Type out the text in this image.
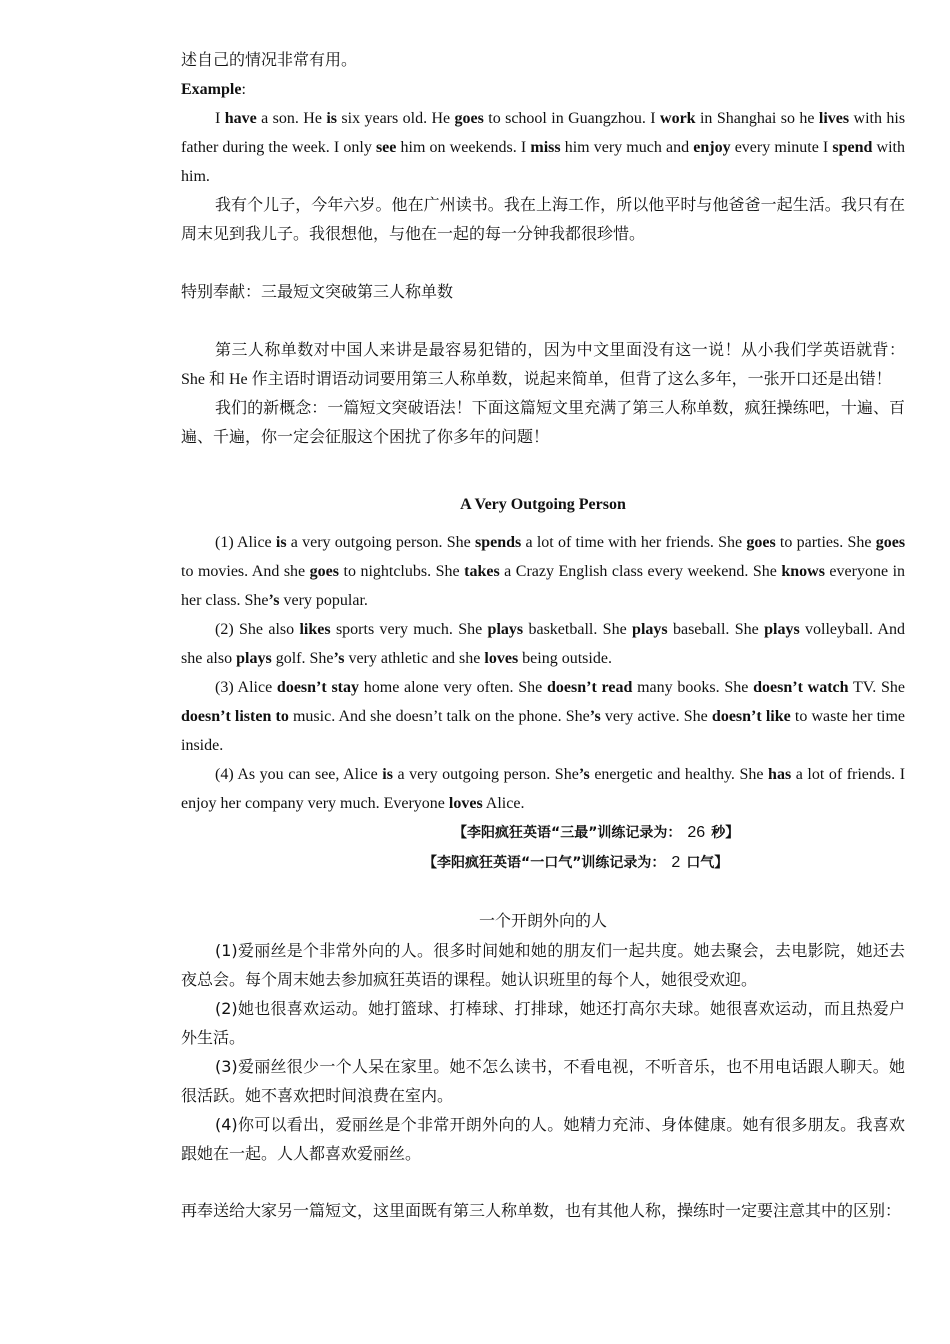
述自己的情况非常有用。

Example:

I have a son. He is six years old. He goes to school in Guangzhou. I work in Shanghai so he lives with his father during the week. I only see him on weekends. I miss him very much and enjoy every minute I spend with him.

我有个儿子，今年六岁。他在广州读书。我在上海工作，所以他平时与他爸爸一起生活。我只有在周末见到我儿子。我很想他，与他在一起的每一分钟我都很珍惜。

特别奉献：三最短文突破第三人称单数

第三人称单数对中国人来讲是最容易犯错的，因为中文里面没有这一说！从小我们学英语就背：She 和 He 作主语时谓语动词要用第三人称单数，说起来简单，但背了这么多年，一张开口还是出错！

我们的新概念：一篇短文突破语法！下面这篇短文里充满了第三人称单数，疯狂操练吧，十遍、百遍、千遍，你一定会征服这个困扰了你多年的问题！

A Very Outgoing Person

(1) Alice is a very outgoing person. She spends a lot of time with her friends. She goes to parties. She goes to movies. And she goes to nightclubs. She takes a Crazy English class every weekend. She knows everyone in her class. She’s very popular.

(2) She also likes sports very much. She plays basketball. She plays baseball. She plays volleyball. And she also plays golf. She’s very athletic and she loves being outside.

(3) Alice doesn’t stay home alone very often. She doesn’t read many books. She doesn’t watch TV. She doesn’t listen to music. And she doesn’t talk on the phone. She’s very active. She doesn’t like to waste her time inside.

(4) As you can see, Alice is a very outgoing person. She’s energetic and healthy. She has a lot of friends. I enjoy her company very much. Everyone loves Alice.

【李阳疯狂英语“三最”训练记录为： 26 秒】

【李阳疯狂英语“一口气”训练记录为： 2 口气】

一个开朗外向的人

(1)爱丽丝是个非常外向的人。很多时间她和她的朋友们一起共度。她去聚会，去电影院，她还去夜总会。每个周末她去参加疯狂英语的课程。她认识班里的每个人，她很受欢迎。

(2)她也很喜欢运动。她打篮球、打棒球、打排球，她还打高尔夫球。她很喜欢运动，而且热爱户外生活。

(3)爱丽丝很少一个人呆在家里。她不怎么读书，不看电视，不听音乐，也不用电话跟人聊天。她很活跃。她不喜欢把时间浪费在室内。

(4)你可以看出，爱丽丝是个非常开朗外向的人。她精力充沛、身体健康。她有很多朋友。我喜欢跟她在一起。人人都喜欢爱丽丝。

再奉送给大家另一篇短文，这里面既有第三人称单数，也有其他人称，操练时一定要注意其中的区别：
